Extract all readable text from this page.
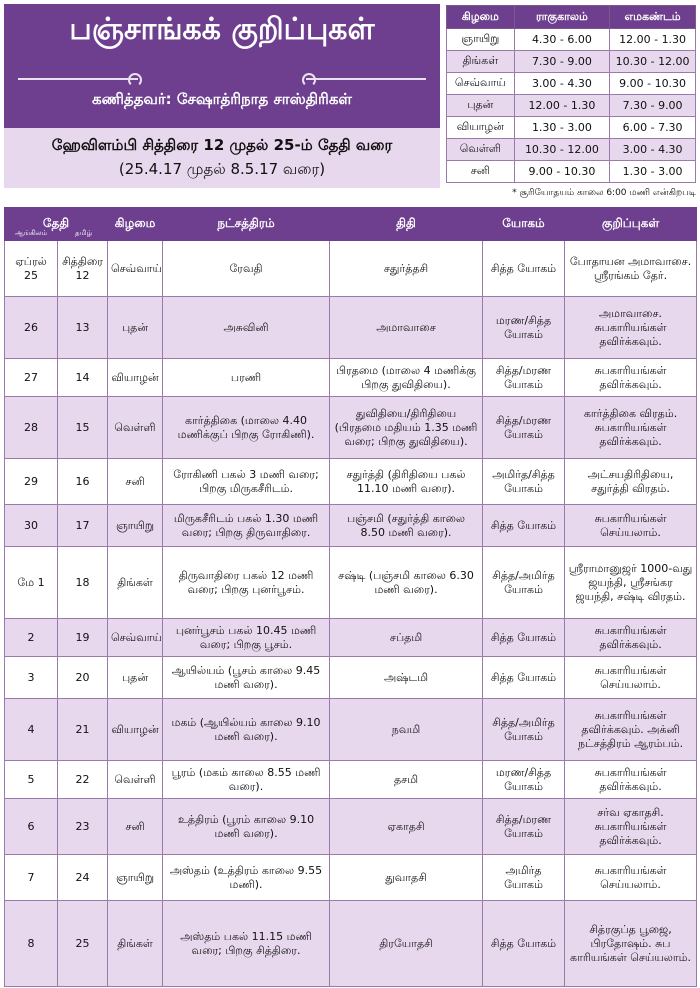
பஞ்சாங்கக் குறிப்புகள்
கணித்தவர்: சேஷாத்ரிநாத சாஸ்திரிகள்
ஹேவிளம்பி சித்திரை 12 முதல் 25-ம் தேதி வரை
(25.4.17 முதல் 8.5.17 வரை)
கிழமை	ராகுகாலம்	எமகண்டம்
ஞாயிறு	4.30 - 6.00	12.00 - 1.30
திங்கள்	7.30 - 9.00	10.30 - 12.00
செவ்வாய்	3.00 - 4.30	9.00 - 10.30
புதன்	12.00 - 1.30	7.30 - 9.00
வியாழன்	1.30 - 3.00	6.00 - 7.30
வெள்ளி	10.30 - 12.00	3.00 - 4.30
சனி	9.00 - 10.30	1.30 - 3.00
* சூரியோதயம் காலை 6:00 மணி என்கிறபடி
தேதி
ஆங்கிலம் தமிழ்		கிழமை	நட்சத்திரம்	திதி	யோகம்	குறிப்புகள்
ஏப்ரல் 25	சித்திரை 12	செவ்வாய்	ரேவதி	சதுர்த்தசி	சித்த யோகம்	போதாயன அமாவாசை. ஸ்ரீரங்கம் தேர்.
26	13	புதன்	அசுவினி	அமாவாசை	மரண/சித்த யோகம்	அமாவாசை. சுபகாரியங்கள் தவிர்க்கவும்.
27	14	வியாழன்	பரணி	பிரதமை (மாலை 4 மணிக்கு பிறகு துவிதியை).	சித்த/மரண யோகம்	சுபகாரியங்கள் தவிர்க்கவும்.
28	15	வெள்ளி	கார்த்திகை (மாலை 4.40 மணிக்குப் பிறகு ரோகிணி).	துவிதியை/திரிதியை (பிரதமை மதியம் 1.35 மணி வரை; பிறகு துவிதியை).	சித்த/மரண யோகம்	கார்த்திகை விரதம். சுபகாரியங்கள் தவிர்க்கவும்.
29	16	சனி	ரோகிணி பகல் 3 மணி வரை; பிறகு மிருகசீரிடம்.	சதுர்த்தி (திரிதியை பகல் 11.10 மணி வரை).	அமிர்த/சித்த யோகம்	அட்சயதிரிதியை, சதுர்த்தி விரதம்.
30	17	ஞாயிறு	மிருகசீரிடம் பகல் 1.30 மணி வரை; பிறகு திருவாதிரை.	பஞ்சமி (சதுர்த்தி காலை 8.50 மணி வரை).	சித்த யோகம்	சுபகாரியங்கள் செய்யலாம்.
மே 1	18	திங்கள்	திருவாதிரை பகல் 12 மணி வரை; பிறகு புனர்பூசம்.	சஷ்டி (பஞ்சமி காலை 6.30 மணி வரை).	சித்த/அமிர்த யோகம்	ஸ்ரீராமானுஜர் 1000-வது ஜயந்தி, ஸ்ரீசங்கர ஜயந்தி, சஷ்டி விரதம்.
2	19	செவ்வாய்	புனர்பூசம் பகல் 10.45 மணி வரை; பிறகு பூசம்.	சப்தமி	சித்த யோகம்	சுபகாரியங்கள் தவிர்க்கவும்.
3	20	புதன்	ஆயில்யம் (பூசம் காலை 9.45 மணி வரை).	அஷ்டமி	சித்த யோகம்	சுபகாரியங்கள் செய்யலாம்.
4	21	வியாழன்	மகம் (ஆயில்யம் காலை 9.10 மணி வரை).	நவமி	சித்த/அமிர்த யோகம்	சுபகாரியங்கள் தவிர்க்கவும். அக்னி நட்சத்திரம் ஆரம்பம்.
5	22	வெள்ளி	பூரம் (மகம் காலை 8.55 மணி வரை).	தசமி	மரண/சித்த யோகம்	சுபகாரியங்கள் தவிர்க்கவும்.
6	23	சனி	உத்திரம் (பூரம் காலை 9.10 மணி வரை).	ஏகாதசி	சித்த/மரண யோகம்	சர்வ ஏகாதசி. சுபகாரியங்கள் தவிர்க்கவும்.
7	24	ஞாயிறு	அஸ்தம் (உத்திரம் காலை 9.55 மணி).	துவாதசி	அமிர்த யோகம்	சுபகாரியங்கள் செய்யலாம்.
8	25	திங்கள்	அஸ்தம் பகல் 11.15 மணி வரை; பிறகு சித்திரை.	திரயோதசி	சித்த யோகம்	சித்ரகுப்த பூஜை, பிரதோஷம். சுப காரியங்கள் செய்யலாம்.
